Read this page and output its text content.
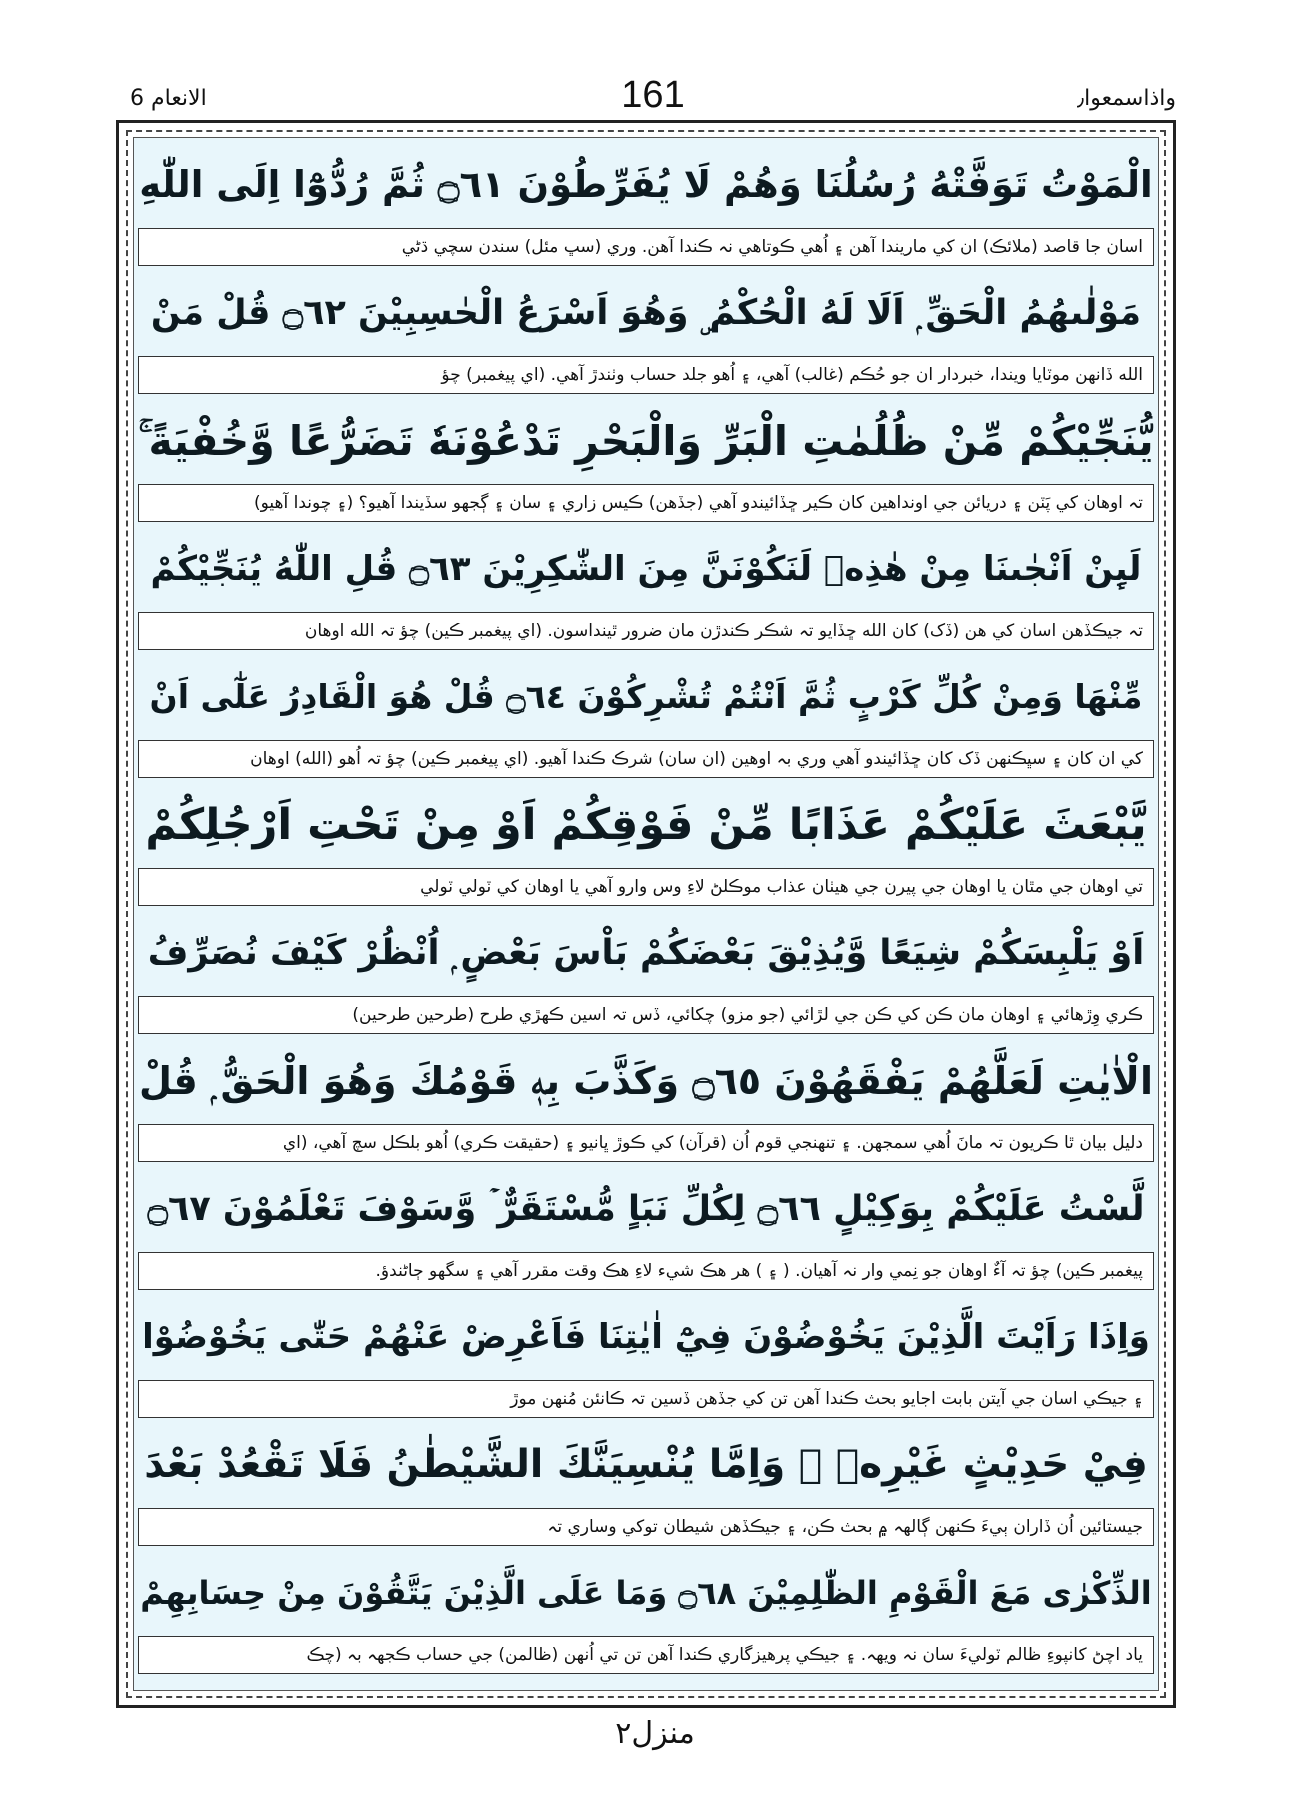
الانعام 6	161	واذاسمعوا٫
الْمَوْتُ تَوَفَّتْهُ رُسُلُنَا وَهُمْ لَا يُفَرِّطُوْنَ ۝٦١ ثُمَّ رُدُّوْٓا اِلَى اللّٰهِ
اسان جا قاصد (ملائڪ) ان کي ماريندا آهن ۽ اُهي ڪوتاهي نہ ڪندا آهن. وري (سڀ مئل) سندن سچي ڌڻي
مَوْلٰىهُمُ الْحَقِّ ۭ اَلَا لَهُ الْحُكْمُ ۣ وَهُوَ اَسْرَعُ الْحٰسِبِيْنَ ۝٦٢ قُلْ مَنْ
الله ڏانهن موٽايا ويندا، خبردار ان جو حُڪم (غالب) آهي، ۽ اُهو جلد حساب وٺندڙ آهي. (اي پيغمبر) چؤ
يُّنَجِّيْكُمْ مِّنْ ظُلُمٰتِ الْبَرِّ وَالْبَحْرِ تَدْعُوْنَهٗ تَضَرُّعًا وَّخُفْيَةً ۚ
تہ اوهان کي پَٽن ۽ دريائن جي اونداهين کان ڪير ڇڏائيندو آهي (جڏهن) ڪيس زاري ۽ سان ۽ ڳجهو سڏيندا آهيو؟ (۽ چوندا آهيو)
لَىِٕنْ اَنْجٰىنَا مِنْ هٰذِهٖ لَنَكُوْنَنَّ مِنَ الشّٰكِرِيْنَ ۝٦٣ قُلِ اللّٰهُ يُنَجِّيْكُمْ
تہ جيڪڏهن اسان کي هن (ڏک) کان الله ڇڏايو تہ شڪر ڪندڙن مان ضرور ٿينداسون. (اي پيغمبر ڪين) چؤ تہ الله اوهان
مِّنْهَا وَمِنْ كُلِّ كَرْبٍ ثُمَّ اَنْتُمْ تُشْرِكُوْنَ ۝٦٤ قُلْ هُوَ الْقَادِرُ عَلٰٓى اَنْ
کي ان کان ۽ سڀڪنهن ڏک کان ڇڏائيندو آهي وري بہ اوهين (ان سان) شرڪ ڪندا آهيو. (اي پيغمبر ڪين) چؤ تہ اُهو (الله) اوهان
يَّبْعَثَ عَلَيْكُمْ عَذَابًا مِّنْ فَوْقِكُمْ اَوْ مِنْ تَحْتِ اَرْجُلِكُمْ
تي اوهان جي مٿان يا اوهان جي پيرن جي هيٺان عذاب موڪلڻ لاءِ وس وارو آهي يا اوهان کي ٽولي ٽولي
اَوْ يَلْبِسَكُمْ شِيَعًا وَّيُذِيْقَ بَعْضَكُمْ بَاْسَ بَعْضٍ ۭ اُنْظُرْ كَيْفَ نُصَرِّفُ
ڪري وِڙهائي ۽ اوهان مان ڪن کي ڪن جي لڙائي (جو مزو) چکائي، ڏس تہ اسين ڪهڙي طرح (طرحين طرحين)
الْاٰيٰتِ لَعَلَّهُمْ يَفْقَهُوْنَ ۝٦٥ وَكَذَّبَ بِهٖ قَوْمُكَ وَهُوَ الْحَقُّ ۭ قُلْ
دليل بيان ٿا ڪريون تہ مانَ اُهي سمجهن. ۽ تنهنجي قوم اُن (قرآن) کي ڪوڙ ڀانيو ۽ (حقيقت ڪري) اُهو بلڪل سچ آهي، (اي
لَّسْتُ عَلَيْكُمْ بِوَكِيْلٍ ۝٦٦ لِكُلِّ نَبَاٍ مُّسْتَقَرٌّ ۡ وَّسَوْفَ تَعْلَمُوْنَ ۝٦٧
پيغمبر ڪين) چؤ تہ آءٌ اوهان جو نِمي وار نہ آهيان. ( ۽ ) هر هڪ شيء لاءِ هڪ وقت مقرر آهي ۽ سگهو ڄاڻندؤ.
وَاِذَا رَاَيْتَ الَّذِيْنَ يَخُوْضُوْنَ فِيْٓ اٰيٰتِنَا فَاَعْرِضْ عَنْهُمْ حَتّٰى يَخُوْضُوْا
۽ جيڪي اسان جي آيتن بابت اجايو بحث ڪندا آهن تن کي جڏهن ڏسين تہ ڪانئن مُنهن موڙ
فِيْ حَدِيْثٍ غَيْرِهٖ ۭ وَاِمَّا يُنْسِيَنَّكَ الشَّيْطٰنُ فَلَا تَقْعُدْ بَعْدَ
جيستائين اُن ڏاران ٻيءَ ڪنهن ڳالهہ ۾ بحث ڪن، ۽ جيڪڏهن شيطان توکي وساري تہ
الذِّكْرٰى مَعَ الْقَوْمِ الظّٰلِمِيْنَ ۝٦٨ وَمَا عَلَى الَّذِيْنَ يَتَّقُوْنَ مِنْ حِسَابِهِمْ
ياد اچڻ کانپوءِ ظالم ٽوليءَ سان نہ ويهہ. ۽ جيڪي پرهيزگاري ڪندا آهن تن تي اُنهن (ظالمن) جي حساب ڪجهہ بہ (چڪ
منزل۲
